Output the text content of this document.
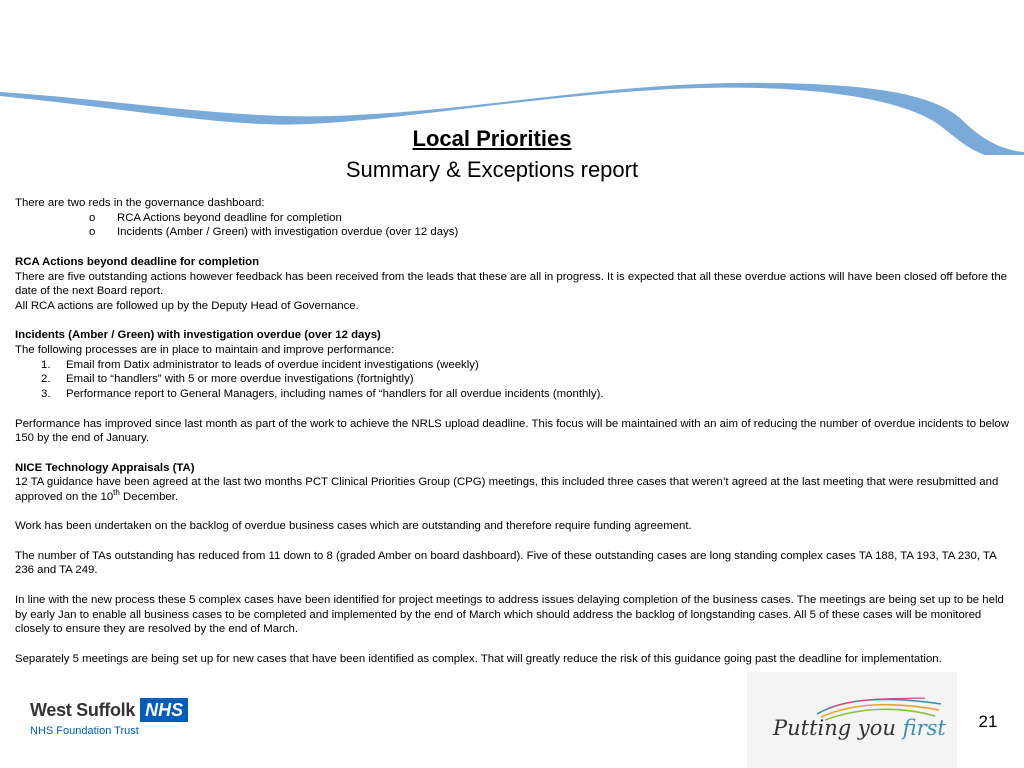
Local Priorities
Summary & Exceptions report

There are two reds in the governance dashboard:

o RCA Actions beyond deadline for completion
o Incidents (Amber / Green) with investigation overdue (over 12 days)

RCA Actions beyond deadline for completion

There are five outstanding actions however feedback has been received from the leads that these are all in progress. It is expected that all these overdue actions will have been closed off before the date of the next Board report.

All RCA actions are followed up by the Deputy Head of Governance.

Incidents (Amber / Green) with investigation overdue (over 12 days)

The following processes are in place to maintain and improve performance:

1. Email from Datix administrator to leads of overdue incident investigations (weekly)
2. Email to “handlers” with 5 or more overdue investigations (fortnightly)
3. Performance report to General Managers, including names of “handlers for all overdue incidents (monthly).

Performance has improved since last month as part of the work to achieve the NRLS upload deadline. This focus will be maintained with an aim of reducing the number of overdue incidents to below 150 by the end of January.

NICE Technology Appraisals (TA)

12 TA guidance have been agreed at the last two months PCT Clinical Priorities Group (CPG) meetings, this included three cases that weren’t agreed at the last meeting that were resubmitted and approved on the 10th December.

Work has been undertaken on the backlog of overdue business cases which are outstanding and therefore require funding agreement.

The number of TAs outstanding has reduced from 11 down to 8 (graded Amber on board dashboard). Five of these outstanding cases are long standing complex cases TA 188, TA 193, TA 230, TA 236 and TA 249.

In line with the new process these 5 complex cases have been identified for project meetings to address issues delaying completion of the business cases. The meetings are being set up to be held by early Jan to enable all business cases to be completed and implemented by the end of March which should address the backlog of longstanding cases. All 5 of these cases will be monitored closely to ensure they are resolved by the end of March.

Separately 5 meetings are being set up for new cases that have been identified as complex. That will greatly reduce the risk of this guidance going past the deadline for implementation.

West Suffolk NHS
NHS Foundation Trust	Putting you first	21
